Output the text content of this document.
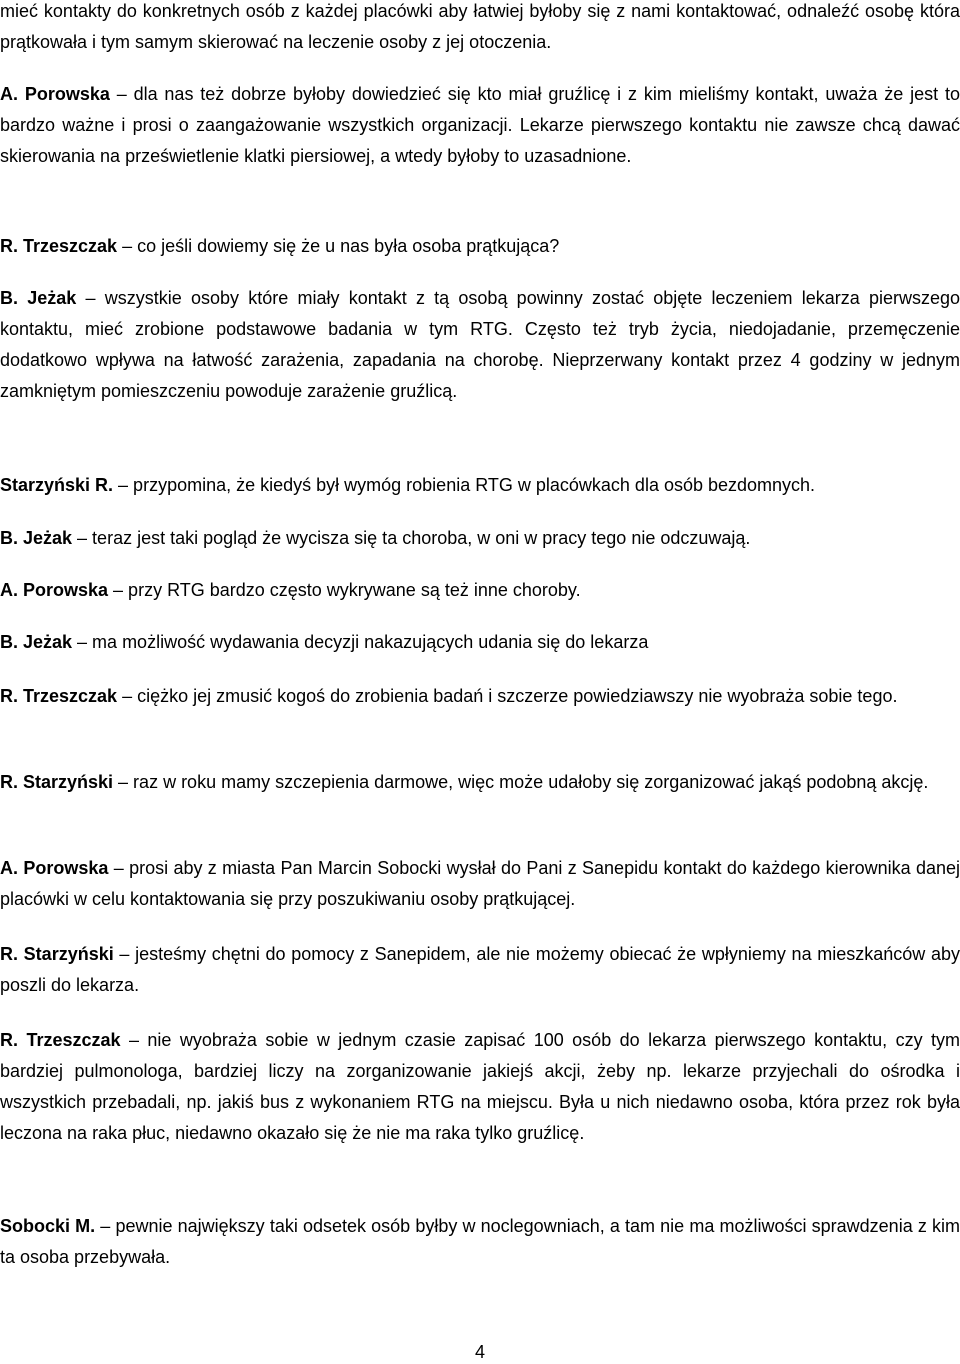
mieć kontakty do konkretnych osób z każdej placówki aby łatwiej byłoby się z nami kontaktować, odnaleźć osobę która prątkowała i tym samym skierować na leczenie osoby z jej otoczenia.

A. Porowska – dla nas też dobrze byłoby dowiedzieć się kto miał gruźlicę i z kim mieliśmy kontakt, uważa że jest to bardzo ważne i prosi o zaangażowanie wszystkich organizacji. Lekarze pierwszego kontaktu nie zawsze chcą dawać skierowania na prześwietlenie klatki piersiowej, a wtedy byłoby to uzasadnione.

R. Trzeszczak – co jeśli dowiemy się że u nas była osoba prątkująca?

B. Jeżak – wszystkie osoby które miały kontakt z tą osobą powinny zostać objęte leczeniem lekarza pierwszego kontaktu, mieć zrobione podstawowe badania w tym RTG. Często też tryb życia, niedojadanie, przemęczenie dodatkowo wpływa na łatwość zarażenia, zapadania na chorobę. Nieprzerwany kontakt przez 4 godziny w jednym zamkniętym pomieszczeniu powoduje zarażenie gruźlicą.

Starzyński R. – przypomina, że kiedyś był wymóg robienia RTG w placówkach dla osób bezdomnych.

B. Jeżak – teraz jest taki pogląd że wycisza się ta choroba, w oni w pracy tego nie odczuwają.

A. Porowska – przy RTG bardzo często wykrywane są też inne choroby.

B. Jeżak – ma możliwość wydawania decyzji nakazujących udania się do lekarza

R. Trzeszczak – ciężko jej zmusić kogoś do zrobienia badań i szczerze powiedziawszy nie wyobraża sobie tego.

R. Starzyński – raz w roku mamy szczepienia darmowe, więc może udałoby się zorganizować jakąś podobną akcję.

A. Porowska – prosi aby z miasta Pan Marcin Sobocki wysłał do Pani z Sanepidu kontakt do każdego kierownika danej placówki w celu kontaktowania się przy poszukiwaniu osoby prątkującej.

R. Starzyński – jesteśmy chętni do pomocy z Sanepidem, ale nie możemy obiecać że wpłyniemy na mieszkańców aby poszli do lekarza.

R. Trzeszczak – nie wyobraża sobie w jednym czasie zapisać 100 osób do lekarza pierwszego kontaktu, czy tym bardziej pulmonologa, bardziej liczy na zorganizowanie jakiejś akcji, żeby np. lekarze przyjechali do ośrodka i wszystkich przebadali, np. jakiś bus z wykonaniem RTG na miejscu. Była u nich niedawno osoba, która przez rok była leczona na raka płuc, niedawno okazało się że nie ma raka tylko gruźlicę.

Sobocki M. – pewnie największy taki odsetek osób byłby w noclegowniach, a tam nie ma możliwości sprawdzenia z kim ta osoba przebywała.

4
